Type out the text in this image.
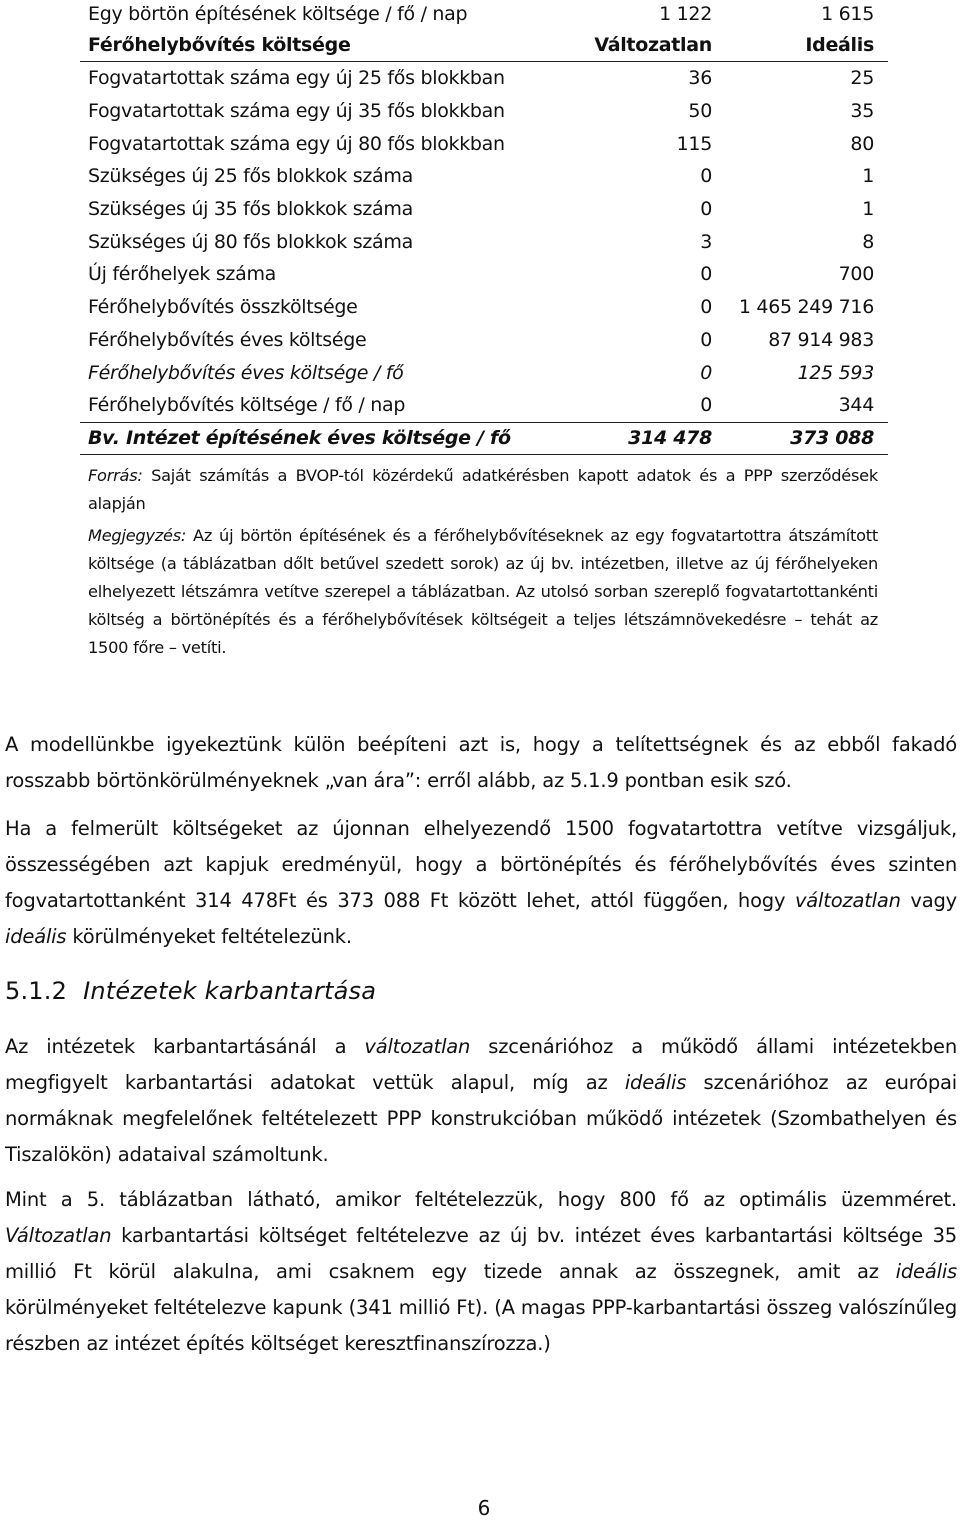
Egy börtön építésének költsége / fő / nap	1 122	1 615
Férőhelybővítés költsége	Változatlan	Ideális
Fogvatartottak száma egy új 25 fős blokkban	36	25
Fogvatartottak száma egy új 35 fős blokkban	50	35
Fogvatartottak száma egy új 80 fős blokkban	115	80
Szükséges új 25 fős blokkok száma	0	1
Szükséges új 35 fős blokkok száma	0	1
Szükséges új 80 fős blokkok száma	3	8
Új férőhelyek száma	0	700
Férőhelybővítés összköltsége	0	1 465 249 716
Férőhelybővítés éves költsége	0	87 914 983
Férőhelybővítés éves költsége / fő	0	125 593
Férőhelybővítés költsége / fő / nap	0	344
Bv. Intézet építésének éves költsége / fő	314 478	373 088

Forrás: Saját számítás a BVOP-tól közérdekű adatkérésben kapott adatok és a PPP szerződések alapján

Megjegyzés: Az új börtön építésének és a férőhelybővítéseknek az egy fogvatartottra átszámított költsége (a táblázatban dőlt betűvel szedett sorok) az új bv. intézetben, illetve az új férőhelyeken elhelyezett létszámra vetítve szerepel a táblázatban. Az utolsó sorban szereplő fogvatartottankénti költség a börtönépítés és a férőhelybővítések költségeit a teljes létszámnövekedésre – tehát az 1500 főre – vetíti.

A modellünkbe igyekeztünk külön beépíteni azt is, hogy a telítettségnek és az ebből fakadó rosszabb börtönkörülményeknek „van ára”: erről alább, az 5.1.9 pontban esik szó.

Ha a felmerült költségeket az újonnan elhelyezendő 1500 fogvatartottra vetítve vizsgáljuk, összességében azt kapjuk eredményül, hogy a börtönépítés és férőhelybővítés éves szinten fogvatartottanként 314 478Ft és 373 088 Ft között lehet, attól függően, hogy változatlan vagy ideális körülményeket feltételezünk.

5.1.2 Intézetek karbantartása

Az intézetek karbantartásánál a változatlan szcenárióhoz a működő állami intézetekben megfigyelt karbantartási adatokat vettük alapul, míg az ideális szcenárióhoz az európai normáknak megfelelőnek feltételezett PPP konstrukcióban működő intézetek (Szombathelyen és Tiszalökön) adataival számoltunk.

Mint a 5. táblázatban látható, amikor feltételezzük, hogy 800 fő az optimális üzemméret. Változatlan karbantartási költséget feltételezve az új bv. intézet éves karbantartási költsége 35 millió Ft körül alakulna, ami csaknem egy tizede annak az összegnek, amit az ideális körülményeket feltételezve kapunk (341 millió Ft). (A magas PPP-karbantartási összeg valószínűleg részben az intézet építés költséget keresztfinanszírozza.)

6
